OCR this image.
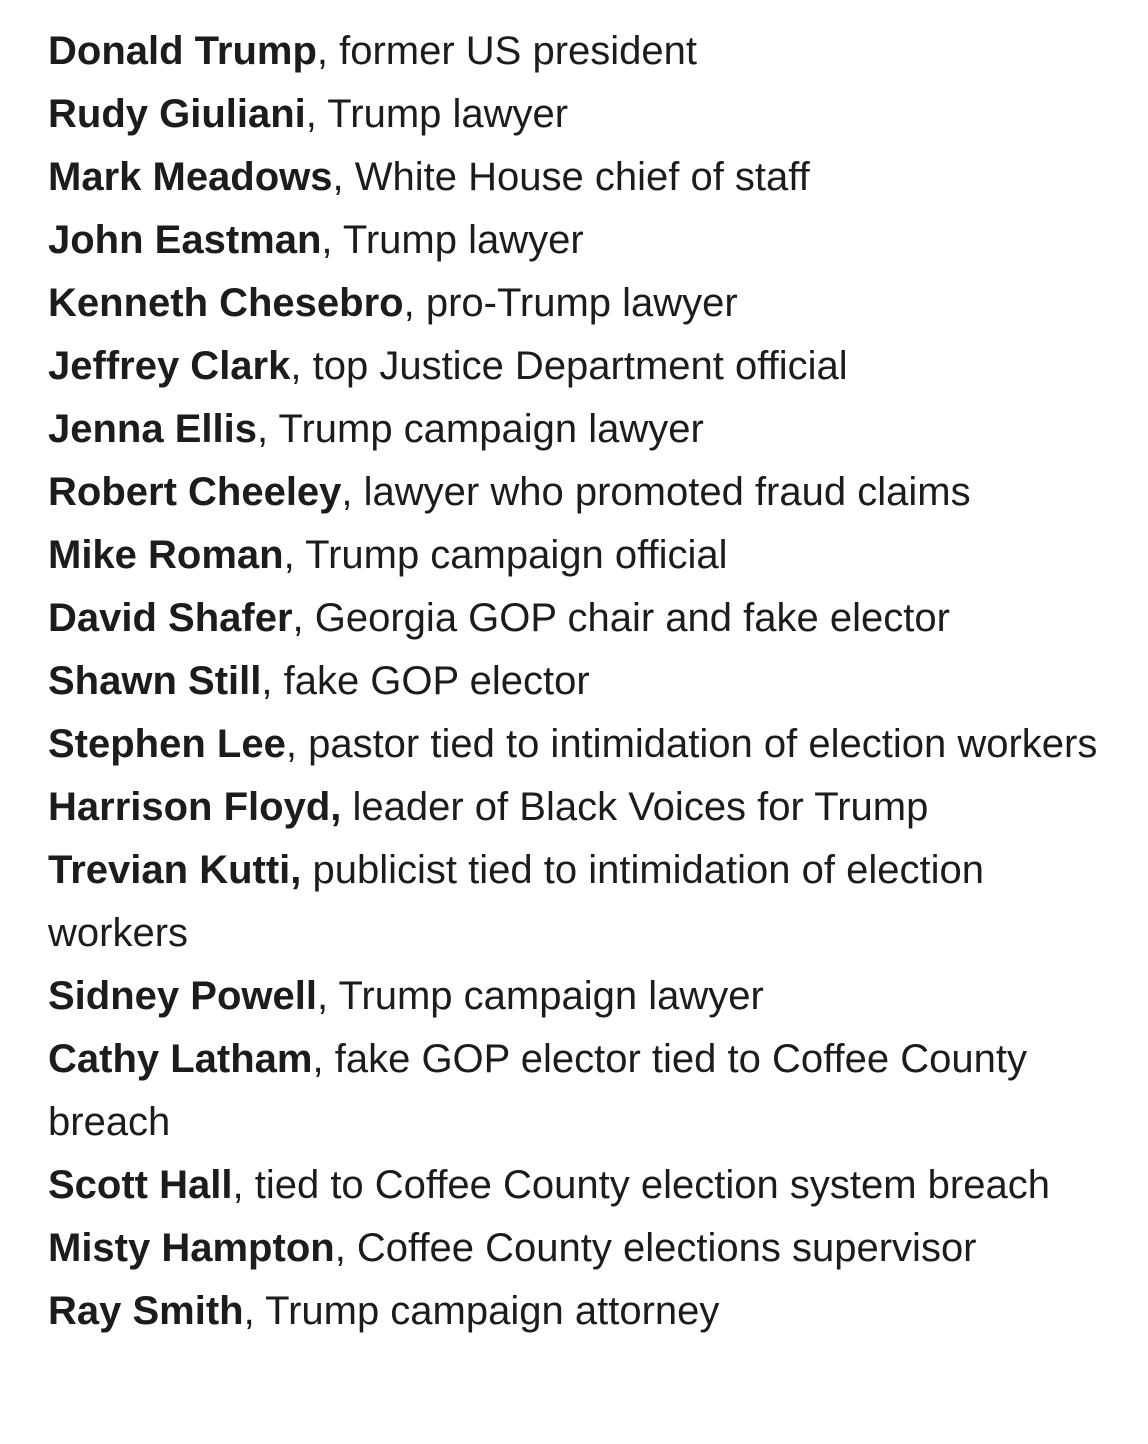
Donald Trump, former US president
Rudy Giuliani, Trump lawyer
Mark Meadows, White House chief of staff
John Eastman, Trump lawyer
Kenneth Chesebro, pro-Trump lawyer
Jeffrey Clark, top Justice Department official
Jenna Ellis, Trump campaign lawyer
Robert Cheeley, lawyer who promoted fraud claims
Mike Roman, Trump campaign official
David Shafer, Georgia GOP chair and fake elector
Shawn Still, fake GOP elector
Stephen Lee, pastor tied to intimidation of election workers
Harrison Floyd, leader of Black Voices for Trump
Trevian Kutti, publicist tied to intimidation of election workers
Sidney Powell, Trump campaign lawyer
Cathy Latham, fake GOP elector tied to Coffee County breach
Scott Hall, tied to Coffee County election system breach
Misty Hampton, Coffee County elections supervisor
Ray Smith, Trump campaign attorney
